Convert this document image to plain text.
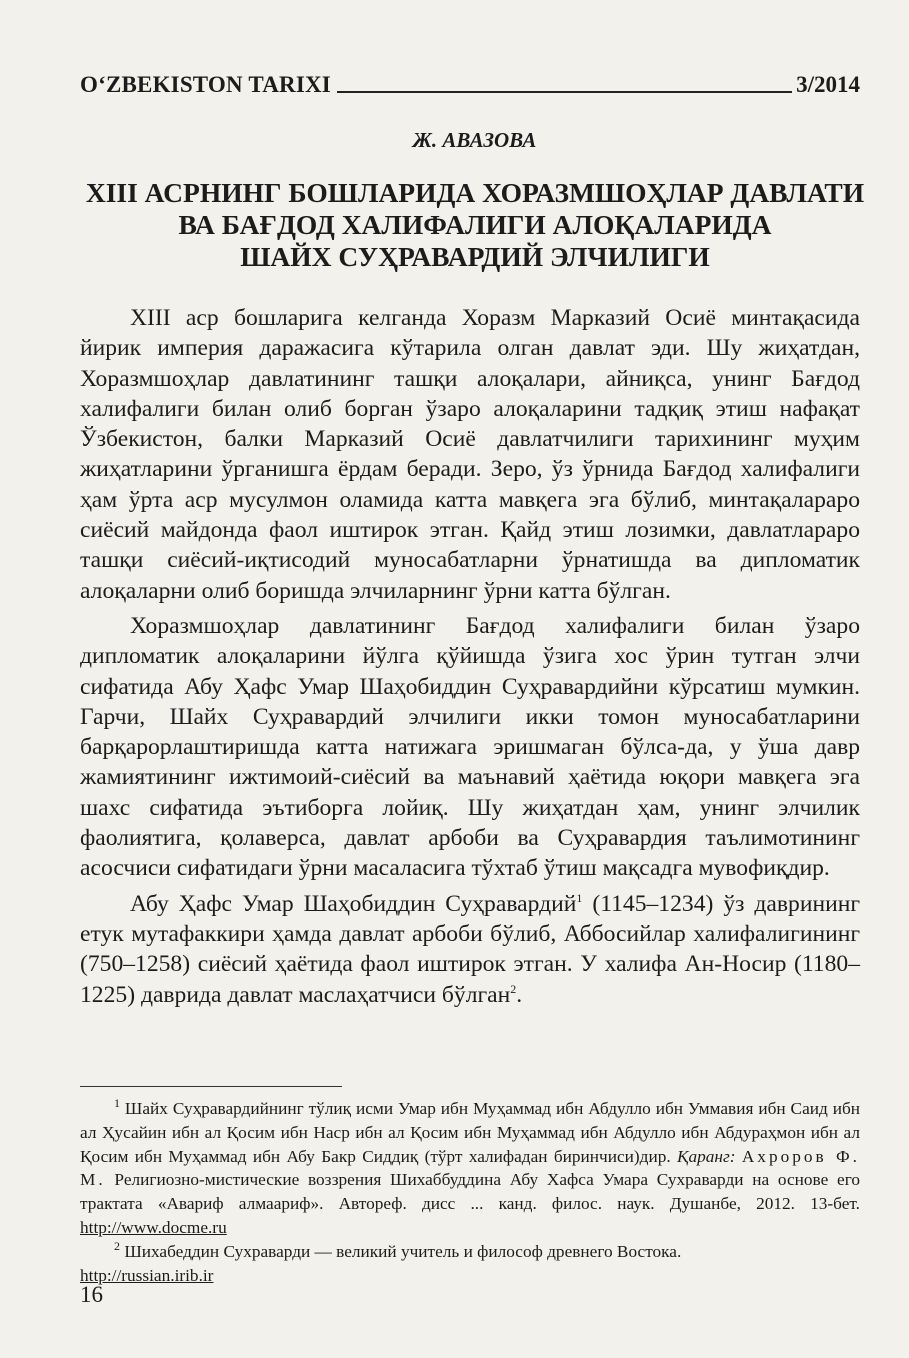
O‘ZBEKISTON TARIXI	3/2014
Ж. АВАЗОВА
XIII АСРНИНГ БОШЛАРИДА ХОРАЗМШОҲЛАР ДАВЛАТИ
ВА БАҒДОД ХАЛИФАЛИГИ АЛОҚАЛАРИДА
ШАЙХ СУҲРАВАРДИЙ ЭЛЧИЛИГИ

XIII аср бошларига келганда Хоразм Марказий Осиё минтақасида йирик империя даражасига кўтарила олган давлат эди. Шу жиҳатдан, Хоразмшоҳлар давлатининг ташқи алоқалари, айниқса, унинг Бағдод халифалиги билан олиб борган ўзаро алоқаларини тадқиқ этиш нафақат Ўзбекистон, балки Марказий Осиё давлатчилиги тарихининг муҳим жиҳатларини ўрганишга ёрдам беради. Зеро, ўз ўрнида Бағдод халифалиги ҳам ўрта аср мусулмон оламида катта мавқега эга бўлиб, минтақалараро сиёсий майдонда фаол иштирок этган. Қайд этиш лозимки, давлатлараро ташқи сиёсий-иқтисодий муносабатларни ўрнатишда ва дипломатик алоқаларни олиб боришда элчиларнинг ўрни катта бўлган.

Хоразмшоҳлар давлатининг Бағдод халифалиги билан ўзаро дипломатик алоқаларини йўлга қўйишда ўзига хос ўрин тутган элчи сифатида Абу Ҳафс Умар Шаҳобиддин Суҳравардийни кўрсатиш мумкин. Гарчи, Шайх Суҳравардий элчилиги икки томон муносабатларини барқарорлаштиришда катта натижага эришмаган бўлса-да, у ўша давр жамиятининг ижтимоий-сиёсий ва маънавий ҳаётида юқори мавқега эга шахс сифатида эътиборга лойиқ. Шу жиҳатдан ҳам, унинг элчилик фаолиятига, қолаверса, давлат арбоби ва Суҳравардия таълимотининг асосчиси сифатидаги ўрни масаласига тўхтаб ўтиш мақсадга мувофиқдир.

Абу Ҳафс Умар Шаҳобиддин Суҳравардий$^1$ (1145–1234) ўз даврининг етук мутафаккири ҳамда давлат арбоби бўлиб, Аббосийлар халифалигининг (750–1258) сиёсий ҳаётида фаол иштирок этган. У халифа Ан-Носир (1180–1225) даврида давлат маслаҳатчиси бўлган$^2$.

$^1$ Шайх Суҳравардийнинг тўлиқ исми Умар ибн Муҳаммад ибн Абдулло ибн Уммавия ибн Саид ибн ал Ҳусайин ибн ал Қосим ибн Наср ибн ал Қосим ибн Муҳаммад ибн Абдулло ибн Абдураҳмон ибн ал Қосим ибн Муҳаммад ибн Абу Бакр Сиддиқ (тўрт халифадан биринчиси)дир. Қаранг: Ахроров Ф. М. Религиозно-мистические воззрения Шихаббуддина Абу Хафса Умара Сухраварди на основе его трактата «Авариф алмаариф». Автореф. дисс ... канд. филос. наук. Душанбе, 2012. 13-бет. http://www.docme.ru

$^2$ Шихабеддин Сухраварди — великий учитель и философ древнего Востока.
http://russian.irib.ir

16
